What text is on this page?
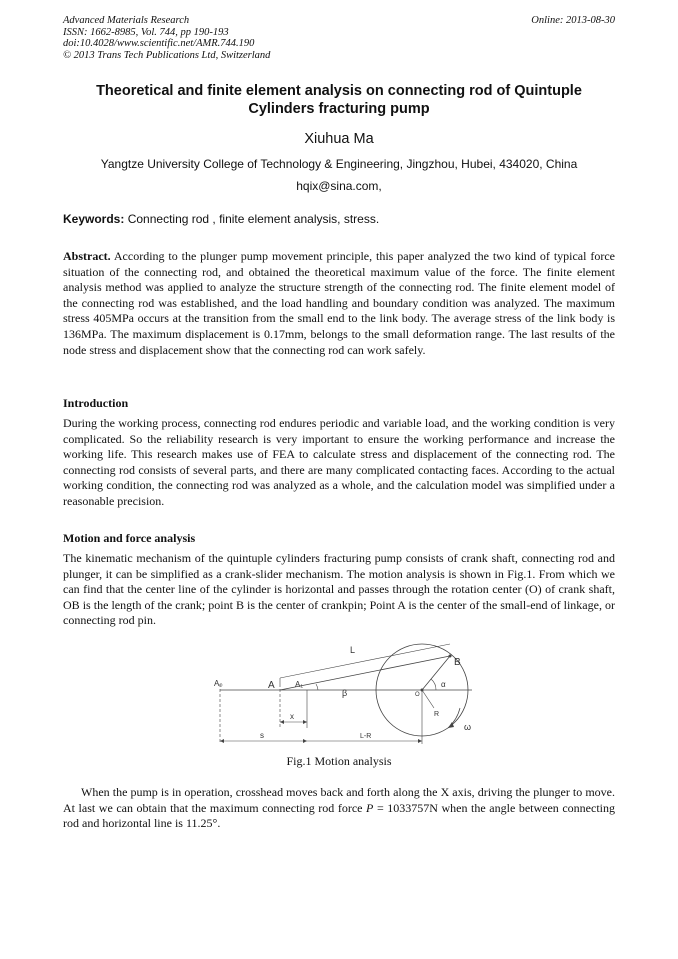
Advanced Materials Research
ISSN: 1662-8985, Vol. 744, pp 190-193
doi:10.4028/www.scientific.net/AMR.744.190
© 2013 Trans Tech Publications Ltd, Switzerland
Online: 2013-08-30
Theoretical and finite element analysis on connecting rod of Quintuple
Cylinders fracturing pump
Xiuhua Ma
Yangtze University College of Technology & Engineering, Jingzhou, Hubei, 434020, China
hqix@sina.com,
Keywords: Connecting rod , finite element analysis, stress.
Abstract. According to the plunger pump movement principle, this paper analyzed the two kind of typical force situation of the connecting rod, and obtained the theoretical maximum value of the force. The finite element analysis method was applied to analyze the structure strength of the connecting rod. The finite element model of the connecting rod was established, and the load handling and boundary condition was analyzed. The maximum stress 405MPa occurs at the transition from the small end to the link body. The average stress of the link body is 136MPa. The maximum displacement is 0.17mm, belongs to the small deformation range. The last results of the node stress and displacement show that the connecting rod can work safely.
Introduction
During the working process, connecting rod endures periodic and variable load, and the working condition is very complicated. So the reliability research is very important to ensure the working performance and increase the working life. This research makes use of FEA to calculate stress and displacement of the connecting rod. The connecting rod consists of several parts, and there are many complicated contacting faces. According to the actual working condition, the connecting rod was analyzed as a whole, and the calculation model was simplified under a reasonable precision.
Motion and force analysis
The kinematic mechanism of the quintuple cylinders fracturing pump consists of crank shaft, connecting rod and plunger, it can be simplified as a crank-slider mechanism. The motion analysis is shown in Fig.1. From which we can find that the center line of the cylinder is horizontal and passes through the rotation center (O) of crank shaft, OB is the length of the crank; point B is the center of crankpin; Point A is the center of the small-end of linkage, or connecting rod pin.
L
B
A₀	A	A₁
β
α
O
R
ω
x
s	L-R
Fig.1 Motion analysis
When the pump is in operation, crosshead moves back and forth along the X axis, driving the plunger to move. At last we can obtain that the maximum connecting rod force P = 1033757N when the angle between connecting rod and horizontal line is 11.25°.
